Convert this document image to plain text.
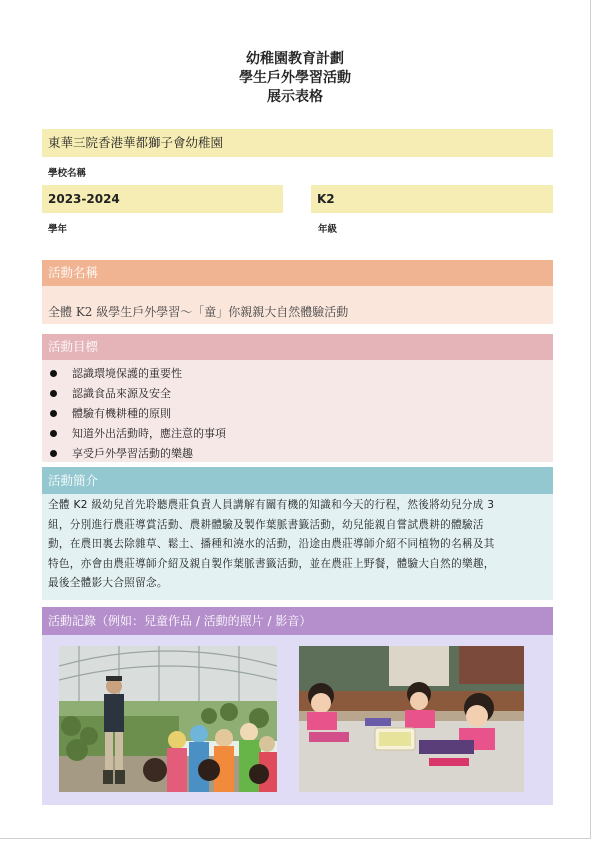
幼稚園教育計劃
學生戶外學習活動
展示表格
東華三院香港華都獅子會幼稚園
學校名稱
2023-2024
學年
K2
年級
活動名稱
全體 K2 級學生戶外學習～「童」你親親大自然體驗活動
活動目標
認識環境保護的重要性
認識食品來源及安全
體驗有機耕種的原則
知道外出活動時，應注意的事項
享受戶外學習活動的樂趣
活動簡介
全體 K2 級幼兒首先聆聽農莊負責人員講解有關有機的知識和今天的行程，然後將幼兒分成 3
組，分別進行農莊導賞活動、農耕體驗及製作葉脈書籤活動，幼兒能親自嘗試農耕的體驗活
動，在農田裏去除雜草、鬆土、播種和澆水的活動，沿途由農莊導師介紹不同植物的名稱及其
特色，亦會由農莊導師介紹及親自製作葉脈書籤活動，並在農莊上野餐，體驗大自然的樂趣，
最後全體影大合照留念。
活動記錄（例如：兒童作品 / 活動的照片 / 影音）
